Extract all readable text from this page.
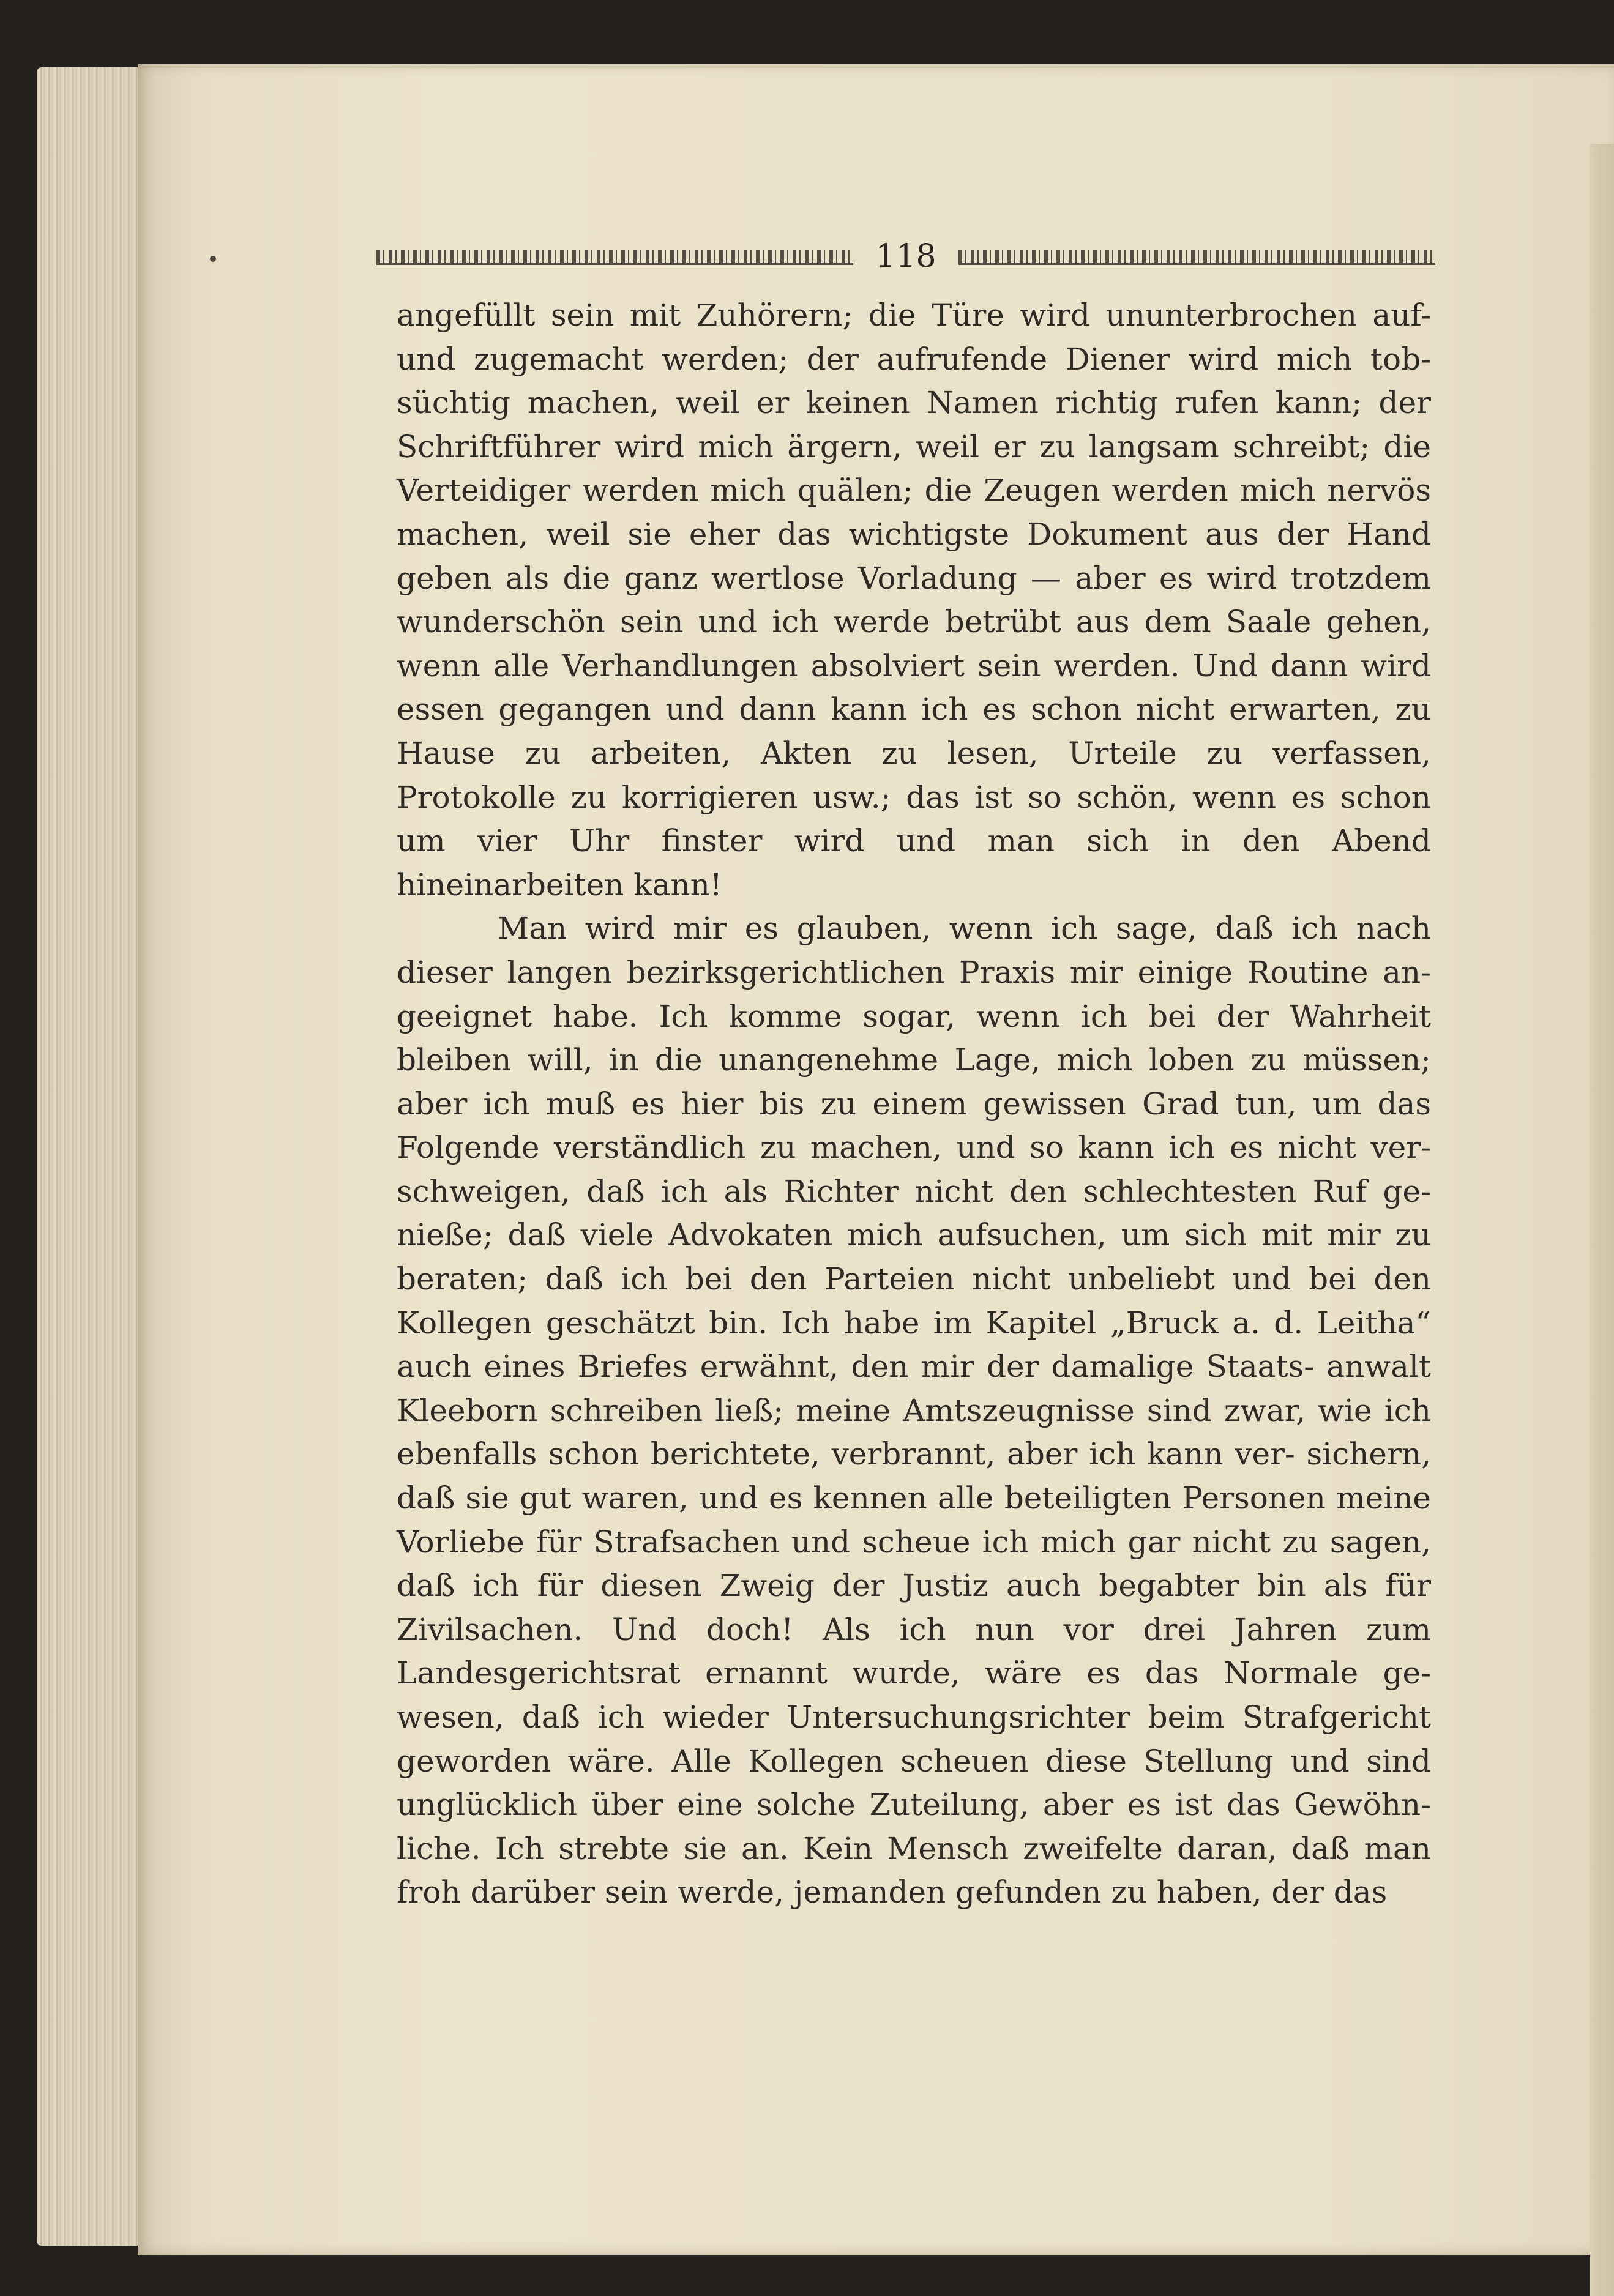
118

angefüllt sein mit Zuhörern; die Türe wird ununterbrochen auf- und zugemacht werden; der aufrufende Diener wird mich tob- süchtig machen, weil er keinen Namen richtig rufen kann; der Schriftführer wird mich ärgern, weil er zu langsam schreibt; die Verteidiger werden mich quälen; die Zeugen werden mich nervös machen, weil sie eher das wichtigste Dokument aus der Hand geben als die ganz wertlose Vorladung — aber es wird trotzdem wunderschön sein und ich werde betrübt aus dem Saale gehen, wenn alle Verhandlungen absolviert sein werden. Und dann wird essen gegangen und dann kann ich es schon nicht erwarten, zu Hause zu arbeiten, Akten zu lesen, Urteile zu verfassen, Protokolle zu korrigieren usw.; das ist so schön, wenn es schon um vier Uhr finster wird und man sich in den Abend hineinarbeiten kann!

Man wird mir es glauben, wenn ich sage, daß ich nach dieser langen bezirksgerichtlichen Praxis mir einige Routine an- geeignet habe. Ich komme sogar, wenn ich bei der Wahrheit bleiben will, in die unangenehme Lage, mich loben zu müssen; aber ich muß es hier bis zu einem gewissen Grad tun, um das Folgende verständlich zu machen, und so kann ich es nicht ver- schweigen, daß ich als Richter nicht den schlechtesten Ruf ge- nieße; daß viele Advokaten mich aufsuchen, um sich mit mir zu beraten; daß ich bei den Parteien nicht unbeliebt und bei den Kollegen geschätzt bin. Ich habe im Kapitel „Bruck a. d. Leitha“ auch eines Briefes erwähnt, den mir der damalige Staats- anwalt Kleeborn schreiben ließ; meine Amtszeugnisse sind zwar, wie ich ebenfalls schon berichtete, verbrannt, aber ich kann ver- sichern, daß sie gut waren, und es kennen alle beteiligten Personen meine Vorliebe für Strafsachen und scheue ich mich gar nicht zu sagen, daß ich für diesen Zweig der Justiz auch begabter bin als für Zivilsachen. Und doch! Als ich nun vor drei Jahren zum Landesgerichtsrat ernannt wurde, wäre es das Normale ge- wesen, daß ich wieder Untersuchungsrichter beim Strafgericht geworden wäre. Alle Kollegen scheuen diese Stellung und sind unglücklich über eine solche Zuteilung, aber es ist das Gewöhn- liche. Ich strebte sie an. Kein Mensch zweifelte daran, daß man froh darüber sein werde, jemanden gefunden zu haben, der das
